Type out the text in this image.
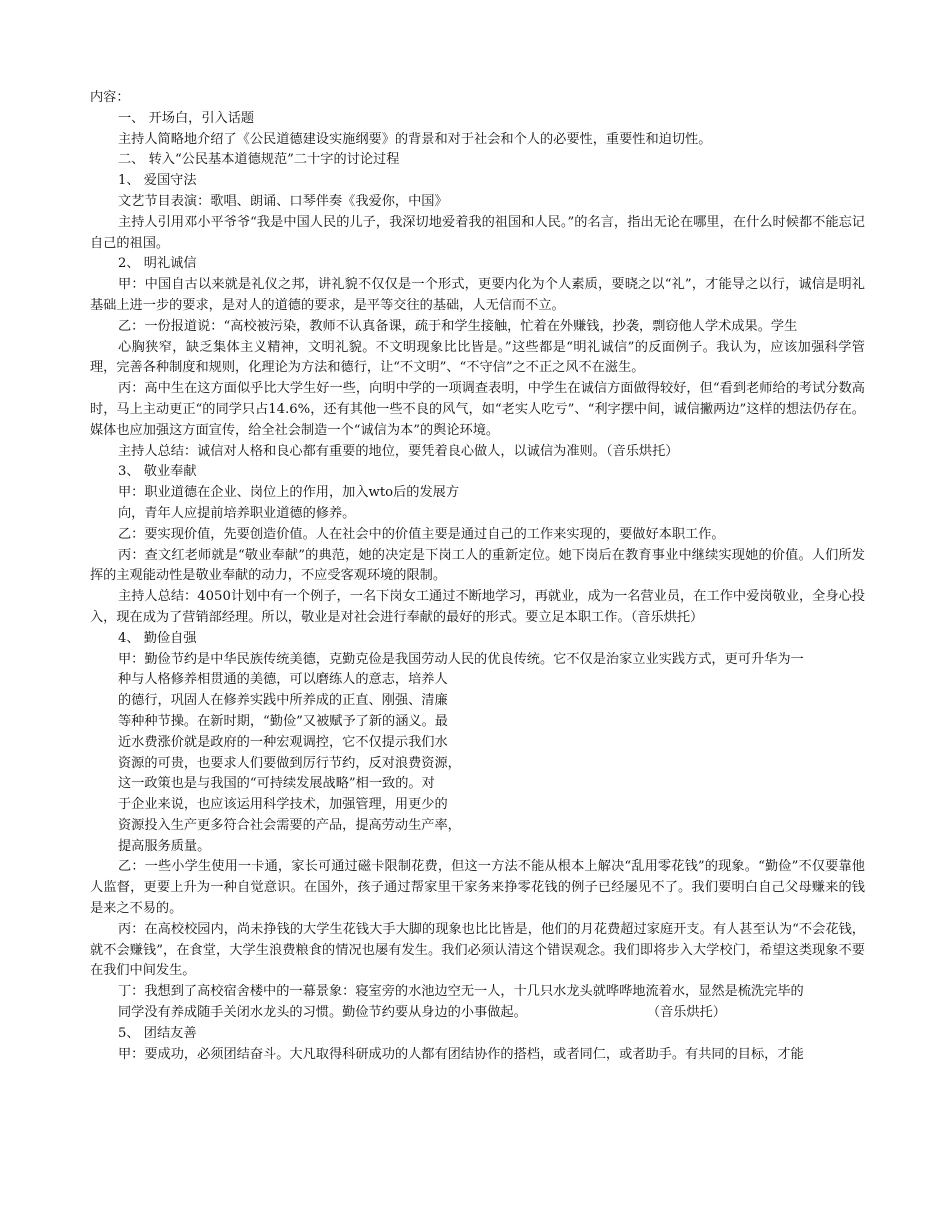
内容：
一、 开场白，引入话题
主持人简略地介绍了《公民道德建设实施纲要》的背景和对于社会和个人的必要性，重要性和迫切性。
二、 转入“公民基本道德规范”二十字的讨论过程
1、 爱国守法
文艺节目表演：歌唱、朗诵、口琴伴奏《我爱你，中国》
主持人引用邓小平爷爷“我是中国人民的儿子，我深切地爱着我的祖国和人民。”的名言，指出无论在哪里，在什么时候都不能忘记自己的祖国。
2、 明礼诚信
甲：中国自古以来就是礼仪之邦，讲礼貌不仅仅是一个形式，更要内化为个人素质，要晓之以“礼”，才能导之以行，诚信是明礼基础上进一步的要求，是对人的道德的要求，是平等交往的基础，人无信而不立。
乙：一份报道说：“高校被污染，教师不认真备课，疏于和学生接触，忙着在外赚钱，抄袭，剽窃他人学术成果。学生
心胸狭窄，缺乏集体主义精神，文明礼貌。不文明现象比比皆是。”这些都是“明礼诚信”的反面例子。我认为，应该加强科学管理，完善各种制度和规则，化理论为方法和德行，让“不文明”、“不守信”之不正之风不在滋生。
丙：高中生在这方面似乎比大学生好一些，向明中学的一项调查表明，中学生在诚信方面做得较好，但“看到老师给的考试分数高时，马上主动更正“的同学只占14.6%，还有其他一些不良的风气，如“老实人吃亏”、“利字摆中间，诚信撇两边”这样的想法仍存在。媒体也应加强这方面宣传，给全社会制造一个“诚信为本”的舆论环境。
主持人总结：诚信对人格和良心都有重要的地位，要凭着良心做人，以诚信为准则。（音乐烘托）
3、 敬业奉献
甲：职业道德在企业、岗位上的作用，加入wto后的发展方
向，青年人应提前培养职业道德的修养。
乙：要实现价值，先要创造价值。人在社会中的价值主要是通过自己的工作来实现的，要做好本职工作。
丙：查文红老师就是“敬业奉献”的典范，她的决定是下岗工人的重新定位。她下岗后在教育事业中继续实现她的价值。人们所发挥的主观能动性是敬业奉献的动力，不应受客观环境的限制。
主持人总结：4050计划中有一个例子，一名下岗女工通过不断地学习，再就业，成为一名营业员，在工作中爱岗敬业，全身心投入，现在成为了营销部经理。所以，敬业是对社会进行奉献的最好的形式。要立足本职工作。（音乐烘托）
4、 勤俭自强
甲：勤俭节约是中华民族传统美德，克勤克俭是我国劳动人民的优良传统。它不仅是治家立业实践方式，更可升华为一
种与人格修养相贯通的美德，可以磨练人的意志，培养人
的德行，巩固人在修养实践中所养成的正直、刚强、清廉
等种种节操。在新时期，“勤俭”又被赋予了新的涵义。最
近水费涨价就是政府的一种宏观调控，它不仅提示我们水
资源的可贵，也要求人们要做到厉行节约，反对浪费资源，
这一政策也是与我国的“可持续发展战略”相一致的。对
于企业来说，也应该运用科学技术，加强管理，用更少的
资源投入生产更多符合社会需要的产品，提高劳动生产率，
提高服务质量。
乙：一些小学生使用一卡通，家长可通过磁卡限制花费，但这一方法不能从根本上解决“乱用零花钱”的现象。“勤俭”不仅要靠他人监督，更要上升为一种自觉意识。在国外，孩子通过帮家里干家务来挣零花钱的例子已经屡见不了。我们要明白自己父母赚来的钱是来之不易的。
丙：在高校校园内，尚未挣钱的大学生花钱大手大脚的现象也比比皆是，他们的月花费超过家庭开支。有人甚至认为“不会花钱，就不会赚钱”，在食堂，大学生浪费粮食的情况也屡有发生。我们必须认清这个错误观念。我们即将步入大学校门，希望这类现象不要在我们中间发生。
丁：我想到了高校宿舍楼中的一幕景象：寝室旁的水池边空无一人，十几只水龙头就哗哗地流着水，显然是梳洗完毕的
同学没有养成随手关闭水龙头的习惯。勤俭节约要从身边的小事做起。	（音乐烘托）
5、 团结友善
甲：要成功，必须团结奋斗。大凡取得科研成功的人都有团结协作的搭档，或者同仁，或者助手。有共同的目标，才能
